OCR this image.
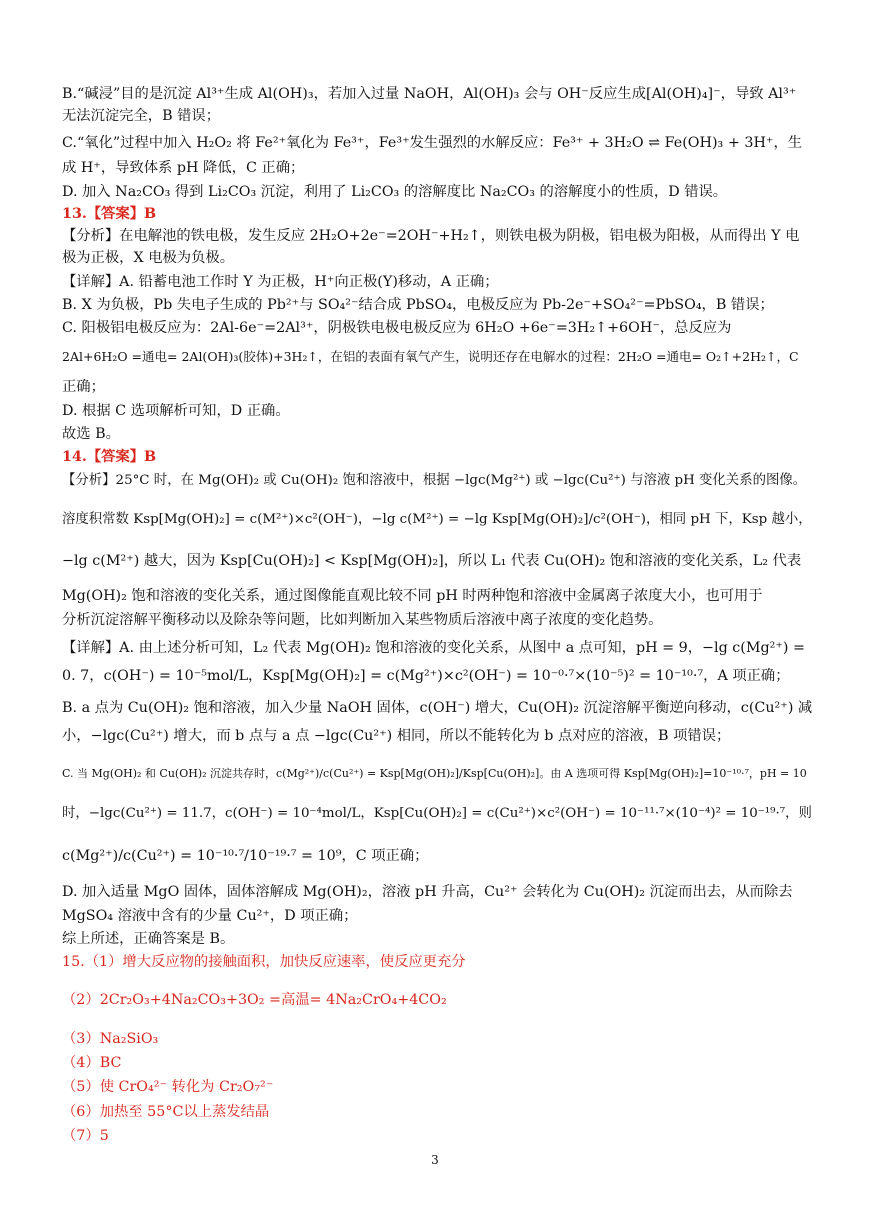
B.“碱浸”目的是沉淀 Al³⁺生成 Al(OH)₃，若加入过量 NaOH，Al(OH)₃ 会与 OH⁻反应生成[Al(OH)₄]⁻，导致 Al³⁺
无法沉淀完全，B 错误；
C.“氧化”过程中加入 H₂O₂ 将 Fe²⁺氧化为 Fe³⁺，Fe³⁺发生强烈的水解反应：Fe³⁺ + 3H₂O ⇌ Fe(OH)₃ + 3H⁺，生
成 H⁺，导致体系 pH 降低，C 正确；
D. 加入 Na₂CO₃ 得到 Li₂CO₃ 沉淀，利用了 Li₂CO₃ 的溶解度比 Na₂CO₃ 的溶解度小的性质，D 错误。
13.【答案】B
【分析】在电解池的铁电极，发生反应 2H₂O+2e⁻=2OH⁻+H₂↑，则铁电极为阴极，铝电极为阳极，从而得出 Y 电
极为正极，X 电极为负极。
【详解】A. 铅蓄电池工作时 Y 为正极，H⁺向正极(Y)移动，A 正确；
B. X 为负极，Pb 失电子生成的 Pb²⁺与 SO₄²⁻结合成 PbSO₄，电极反应为 Pb-2e⁻+SO₄²⁻=PbSO₄，B 错误；
C. 阳极铝电极反应为：2Al-6e⁻=2Al³⁺，阴极铁电极电极反应为 6H₂O +6e⁻=3H₂↑+6OH⁻，总反应为
2Al+6H₂O =通电= 2Al(OH)₃(胶体)+3H₂↑，在铝的表面有氧气产生，说明还存在电解水的过程：2H₂O =通电= O₂↑+2H₂↑，C
正确；
D. 根据 C 选项解析可知，D 正确。
故选 B。
14.【答案】B
【分析】25°C 时，在 Mg(OH)₂ 或 Cu(OH)₂ 饱和溶液中，根据 −lgc(Mg²⁺) 或 −lgc(Cu²⁺) 与溶液 pH 变化关系的图像。
溶度积常数 Ksp[Mg(OH)₂] = c(M²⁺)×c²(OH⁻)，−lg c(M²⁺) = −lg Ksp[Mg(OH)₂]/c²(OH⁻)，相同 pH 下，Ksp 越小，
−lg c(M²⁺) 越大，因为 Ksp[Cu(OH)₂] < Ksp[Mg(OH)₂]，所以 L₁ 代表 Cu(OH)₂ 饱和溶液的变化关系，L₂ 代表
Mg(OH)₂ 饱和溶液的变化关系，通过图像能直观比较不同 pH 时两种饱和溶液中金属离子浓度大小，也可用于
分析沉淀溶解平衡移动以及除杂等问题，比如判断加入某些物质后溶液中离子浓度的变化趋势。
【详解】A. 由上述分析可知，L₂ 代表 Mg(OH)₂ 饱和溶液的变化关系，从图中 a 点可知，pH = 9，−lg c(Mg²⁺) =
0. 7，c(OH⁻) = 10⁻⁵mol/L，Ksp[Mg(OH)₂] = c(Mg²⁺)×c²(OH⁻) = 10⁻⁰·⁷×(10⁻⁵)² = 10⁻¹⁰·⁷，A 项正确；
B. a 点为 Cu(OH)₂ 饱和溶液，加入少量 NaOH 固体，c(OH⁻) 增大，Cu(OH)₂ 沉淀溶解平衡逆向移动，c(Cu²⁺) 减
小，−lgc(Cu²⁺) 增大，而 b 点与 a 点 −lgc(Cu²⁺) 相同，所以不能转化为 b 点对应的溶液，B 项错误；
C. 当 Mg(OH)₂ 和 Cu(OH)₂ 沉淀共存时，c(Mg²⁺)/c(Cu²⁺) = Ksp[Mg(OH)₂]/Ksp[Cu(OH)₂]。由 A 选项可得 Ksp[Mg(OH)₂]=10⁻¹⁰·⁷，pH = 10
时，−lgc(Cu²⁺) = 11.7，c(OH⁻) = 10⁻⁴mol/L，Ksp[Cu(OH)₂] = c(Cu²⁺)×c²(OH⁻) = 10⁻¹¹·⁷×(10⁻⁴)² = 10⁻¹⁹·⁷，则
c(Mg²⁺)/c(Cu²⁺) = 10⁻¹⁰·⁷/10⁻¹⁹·⁷ = 10⁹，C 项正确；
D. 加入适量 MgO 固体，固体溶解成 Mg(OH)₂，溶液 pH 升高，Cu²⁺ 会转化为 Cu(OH)₂ 沉淀而出去，从而除去
MgSO₄ 溶液中含有的少量 Cu²⁺，D 项正确；
综上所述，正确答案是 B。
15.（1）增大反应物的接触面积，加快反应速率，使反应更充分
（2）2Cr₂O₃+4Na₂CO₃+3O₂ =高温= 4Na₂CrO₄+4CO₂
（3）Na₂SiO₃
（4）BC
（5）使 CrO₄²⁻ 转化为 Cr₂O₇²⁻
（6）加热至 55°C以上蒸发结晶
（7）5
3
